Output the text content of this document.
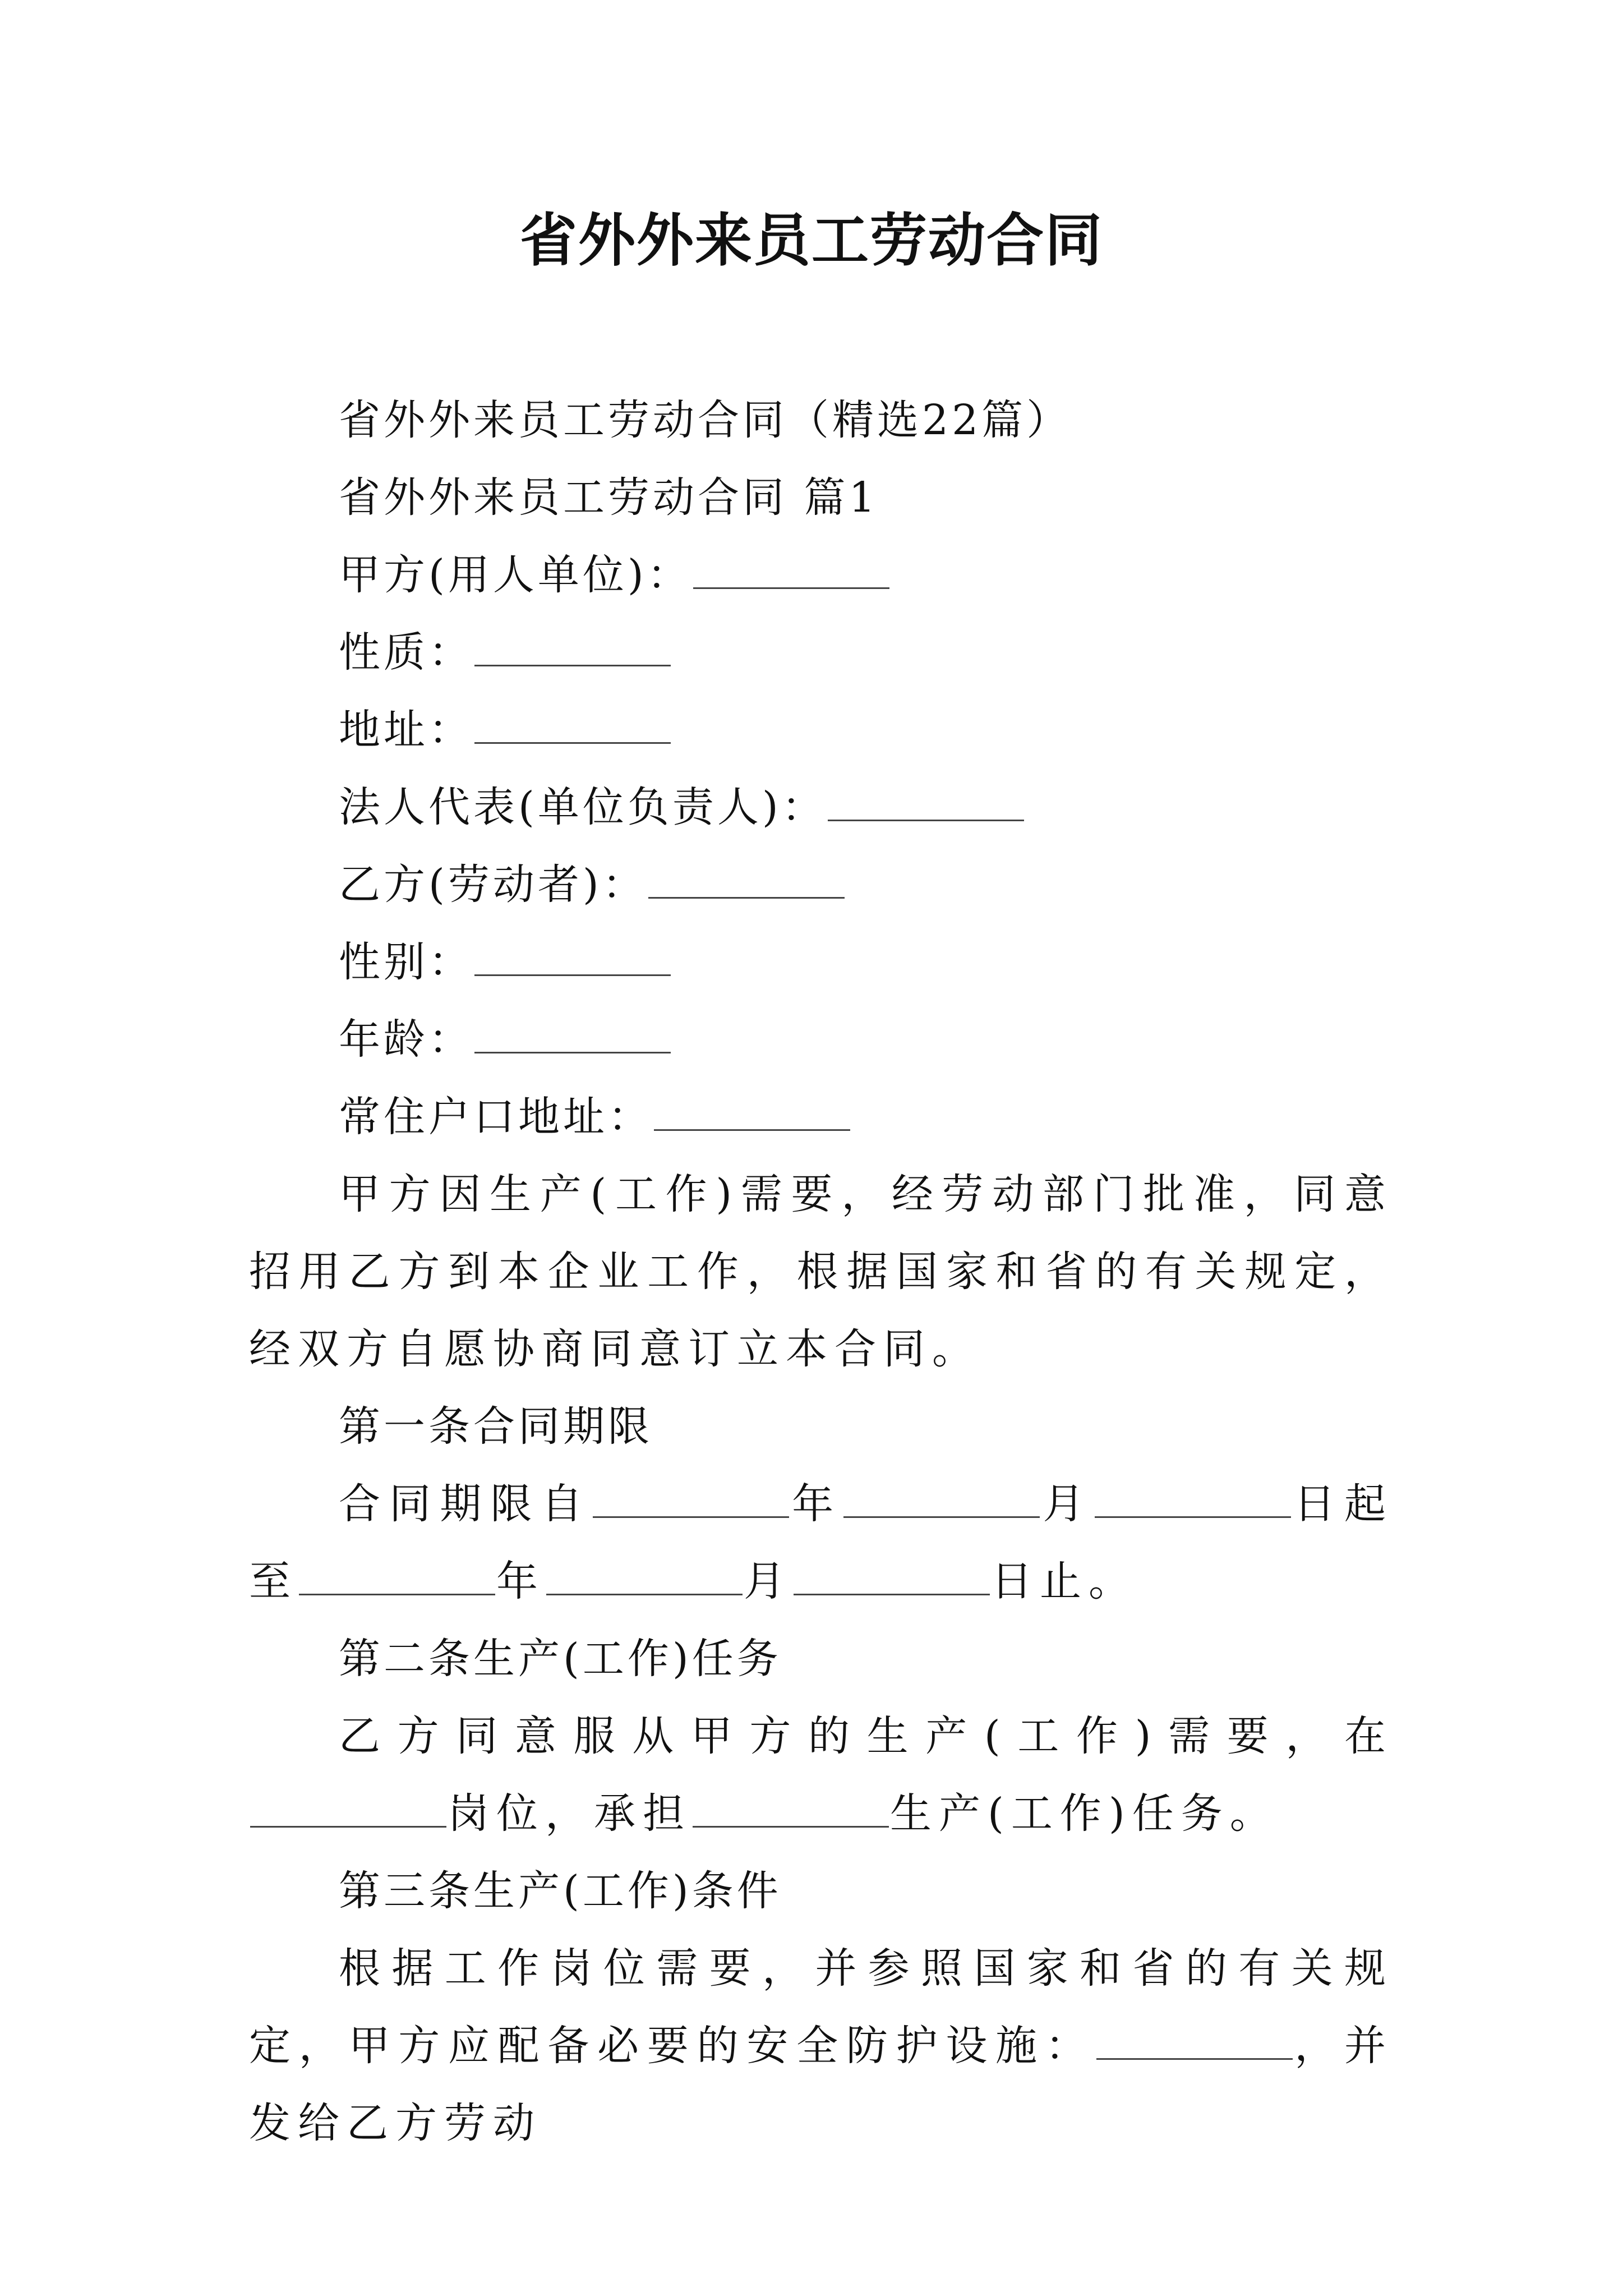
省外外来员工劳动合同

省外外来员工劳动合同（精选22篇）

省外外来员工劳动合同 篇1

甲方(用人单位)：

性质：

地址：

法人代表(单位负责人)：

乙方(劳动者)：

性别：

年龄：

常住户口地址：

甲方因生产(工作)需要，经劳动部门批准，同意招用乙方到本企业工作，根据国家和省的有关规定，经双方自愿协商同意订立本合同。

第一条合同期限

合同期限自	年	月	日起至	年	月	日止。

第二条生产(工作)任务

乙方同意服从甲方的生产(工作)需要，在岗位，承担	生产(工作)任务。

第三条生产(工作)条件

根据工作岗位需要，并参照国家和省的有关规定，甲方应配备必要的安全防护设施：	，并发给乙方劳动
